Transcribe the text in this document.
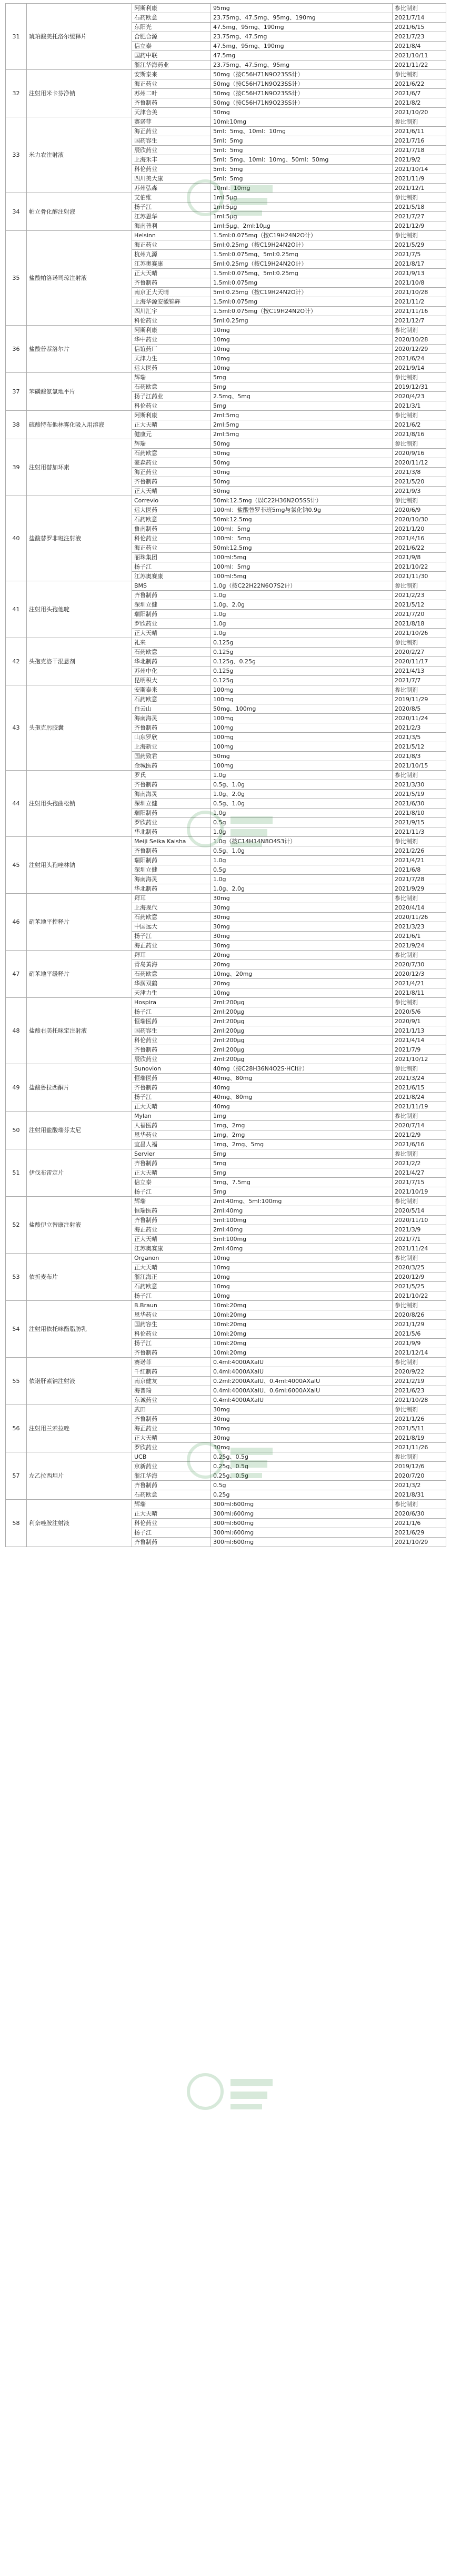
31	琥珀酸美托洛尔缓释片	阿斯利康	95mg	参比制剂
		石药欧意	23.75mg、47.5mg、95mg、190mg	2021/7/14
		东阳光	47.5mg、95mg、190mg	2021/6/15
		合肥合源	23.75mg、47.5mg	2021/7/23
		信立泰	47.5mg、95mg、190mg	2021/8/4
		国药中联	47.5mg	2021/10/11
		浙江华海药业	23.75mg、47.5mg、95mg	2021/11/22
32	注射用米卡芬净钠	安斯泰来	50mg（按C56H71N9O23SS计）	参比制剂
		海正药业	50mg（按C56H71N9O23SS计）	2021/6/22
		苏州二叶	50mg（按C56H71N9O23SS计）	2021/6/7
		齐鲁制药	50mg（按C56H71N9O23SS计）	2021/8/2
		天津合美	50mg	2021/10/20
33	米力农注射液	赛诺菲	10ml:10mg	参比制剂
		海正药业	5ml：5mg、10ml：10mg	2021/6/11
		国药容生	5ml：5mg	2021/7/16
		辰欣药业	5ml：5mg	2021/7/18
		上海禾丰	5ml：5mg、10ml：10mg、50ml：50mg	2021/9/2
		科伦药业	5ml：5mg	2021/10/14
		四川美大康	5ml：5mg	2021/11/9
		苏州弘森	10ml：10mg	2021/12/1
34	帕立骨化醇注射液	艾伯维	1ml:5μg	参比制剂
		扬子江	1ml:5μg	2021/5/18
		江苏恩华	1ml:5μg	2021/7/27
		海南普利	1ml:5μg、2ml:10μg	2021/12/9
35	盐酸帕洛诺司琼注射液	Helsinn	1.5ml:0.075mg（按C19H24N2O计）	参比制剂
		海正药业	5ml:0.25mg（按C19H24N2O计）	2021/5/29
		杭州九源	1.5ml:0.075mg、5ml:0.25mg	2021/7/5
		江苏奥赛康	5ml:0.25mg（按C19H24N2O计）	2021/8/17
		正大天晴	1.5ml:0.075mg、5ml:0.25mg	2021/9/13
		齐鲁制药	1.5ml:0.075mg	2021/10/8
		南京正大天晴	5ml:0.25mg（按C19H24N2O计）	2021/10/28
		上海华源安徽锦辉	1.5ml:0.075mg	2021/11/2
		四川汇宇	1.5ml:0.075mg（按C19H24N2O计）	2021/11/16
		科伦药业	5ml:0.25mg	2021/12/7
36	盐酸普萘洛尔片	阿斯利康	10mg	参比制剂
		华中药业	10mg	2020/10/28
		信谊药厂	10mg	2020/12/29
		天津力生	10mg	2021/6/24
		远大医药	10mg	2021/9/14
37	苯磺酸氨氯地平片	辉瑞	5mg	参比制剂
		石药欧意	5mg	2019/12/31
		扬子江药业	2.5mg、5mg	2020/4/23
		科伦药业	5mg	2021/3/1
38	硫酸特布他林雾化吸入用溶液	阿斯利康	2ml:5mg	参比制剂
		正大天晴	2ml:5mg	2021/6/2
		健康元	2ml:5mg	2021/8/16
39	注射用替加环素	辉瑞	50mg	参比制剂
		石药欧意	50mg	2020/9/16
		豪森药业	50mg	2020/11/12
		海正药业	50mg	2021/3/8
		齐鲁制药	50mg	2021/5/20
		正大天晴	50mg	2021/9/3
40	盐酸替罗非班注射液	Correvio	50ml:12.5mg（以C22H36N2O5SS计）	参比制剂
		远大医药	100ml：盐酸替罗非班5mg与氯化钠0.9g	2020/6/9
		石药欧意	50ml:12.5mg	2020/10/30
		鲁南制药	100ml：5mg	2021/1/20
		科伦药业	100ml：5mg	2021/4/16
		海正药业	50ml:12.5mg	2021/6/22
		丽珠集团	100ml:5mg	2021/9/8
		扬子江	100ml：5mg	2021/10/22
		江苏奥赛康	100ml:5mg	2021/11/30
41	注射用头孢他啶	BMS	1.0g（按C22H22N6O7S2计）	参比制剂
		齐鲁制药	1.0g	2021/2/23
		深圳立健	1.0g、2.0g	2021/5/12
		瑞阳制药	1.0g	2021/7/20
		罗欣药业	1.0g	2021/8/18
		正大天晴	1.0g	2021/10/26
42	头孢克洛干混悬剂	礼来	0.125g	参比制剂
		石药欧意	0.125g	2020/2/27
		华北制药	0.125g、0.25g	2020/11/17
		苏州中化	0.125g	2021/4/13
		昆明积大	0.125g	2021/7/7
43	头孢克肟胶囊	安斯泰来	100mg	参比制剂
		石药欧意	100mg	2019/11/29
		白云山	50mg、100mg	2020/8/5
		海南海灵	100mg	2020/11/24
		齐鲁制药	100mg	2021/2/3
		山东罗欣	100mg	2021/3/5
		上海新亚	100mg	2021/5/12
		国药致君	50mg	2021/8/3
		金城医药	100mg	2021/10/15
44	注射用头孢曲松钠	罗氏	1.0g	参比制剂
		齐鲁制药	0.5g、1.0g	2021/3/30
		海南海灵	1.0g、2.0g	2021/5/19
		深圳立健	0.5g、1.0g	2021/6/30
		瑞阳制药	1.0g	2021/8/10
		罗欣药业	0.5g	2021/9/15
		华北制药	1.0g	2021/11/3
45	注射用头孢唑林钠	Meiji Seika Kaisha	1.0g（按C14H14N8O4S3计）	参比制剂
		齐鲁制药	0.5g、1.0g	2021/2/26
		瑞阳制药	1.0g	2021/4/21
		深圳立健	0.5g	2021/6/8
		海南海灵	1.0g	2021/7/28
		华北制药	1.0g、2.0g	2021/9/29
46	硝苯地平控释片	拜耳	30mg	参比制剂
		上海现代	30mg	2020/4/14
		石药欧意	30mg	2020/11/26
		中国远大	30mg	2021/3/23
		扬子江	30mg	2021/6/1
		海正药业	30mg	2021/9/24
47	硝苯地平缓释片	拜耳	20mg	参比制剂
		青岛黄海	20mg	2020/7/30
		石药欧意	10mg、20mg	2020/12/3
		华润双鹤	20mg	2021/4/21
		天津力生	10mg	2021/8/11
48	盐酸右美托咪定注射液	Hospira	2ml:200μg	参比制剂
		扬子江	2ml:200μg	2020/5/6
		恒瑞医药	2ml:200μg	2020/9/1
		国药容生	2ml:200μg	2021/1/13
		科伦药业	2ml:200μg	2021/4/14
		齐鲁制药	2ml:200μg	2021/7/9
		辰欣药业	2ml:200μg	2021/10/12
49	盐酸鲁拉西酮片	Sunovion	40mg（按C28H36N4O2S·HCl计）	参比制剂
		恒瑞医药	40mg、80mg	2021/3/24
		齐鲁制药	40mg	2021/6/15
		扬子江	40mg、80mg	2021/8/24
		正大天晴	40mg	2021/11/19
50	注射用盐酸瑞芬太尼	Mylan	1mg	参比制剂
		人福医药	1mg、2mg	2020/7/14
		恩华药业	1mg、2mg	2021/2/9
		宜昌人福	1mg、2mg、5mg	2021/6/16
51	伊伐布雷定片	Servier	5mg	参比制剂
		齐鲁制药	5mg	2021/2/2
		正大天晴	5mg	2021/4/27
		信立泰	5mg、7.5mg	2021/7/15
		扬子江	5mg	2021/10/19
52	盐酸伊立替康注射液	辉瑞	2ml:40mg、5ml:100mg	参比制剂
		恒瑞医药	2ml:40mg	2020/5/14
		齐鲁制药	5ml:100mg	2020/11/10
		海正药业	2ml:40mg	2021/3/9
		正大天晴	5ml:100mg	2021/7/1
		江苏奥赛康	2ml:40mg	2021/11/24
53	依折麦布片	Organon	10mg	参比制剂
		正大天晴	10mg	2020/3/25
		浙江海正	10mg	2020/12/9
		石药欧意	10mg	2021/5/25
		扬子江	10mg	2021/10/22
54	注射用依托咪酯脂肪乳	B.Braun	10ml:20mg	参比制剂
		恩华药业	10ml:20mg	2020/8/26
		国药容生	10ml:20mg	2021/1/29
		科伦药业	10ml:20mg	2021/5/6
		扬子江	10ml:20mg	2021/9/9
		齐鲁制药	10ml:20mg	2021/12/14
55	依诺肝素钠注射液	赛诺菲	0.4ml:4000AXaIU	参比制剂
		千红制药	0.4ml:4000AXaIU	2020/9/22
		南京健友	0.2ml:2000AXaIU、0.4ml:4000AXaIU	2021/2/19
		海普瑞	0.4ml:4000AXaIU、0.6ml:6000AXaIU	2021/6/23
		东诚药业	0.4ml:4000AXaIU	2021/10/28
56	注射用兰索拉唑	武田	30mg	参比制剂
		齐鲁制药	30mg	2021/1/26
		海正药业	30mg	2021/5/11
		正大天晴	30mg	2021/8/19
		罗欣药业	30mg	2021/11/26
57	左乙拉西坦片	UCB	0.25g、0.5g	参比制剂
		京新药业	0.25g、0.5g	2019/12/6
		浙江华海	0.25g、0.5g	2020/7/20
		齐鲁制药	0.5g	2021/3/2
		石药欧意	0.25g	2021/8/31
58	利奈唑胺注射液	辉瑞	300ml:600mg	参比制剂
		正大天晴	300ml:600mg	2020/6/30
		科伦药业	300ml:600mg	2021/1/6
		扬子江	300ml:600mg	2021/6/29
		齐鲁制药	300ml:600mg	2021/10/29
